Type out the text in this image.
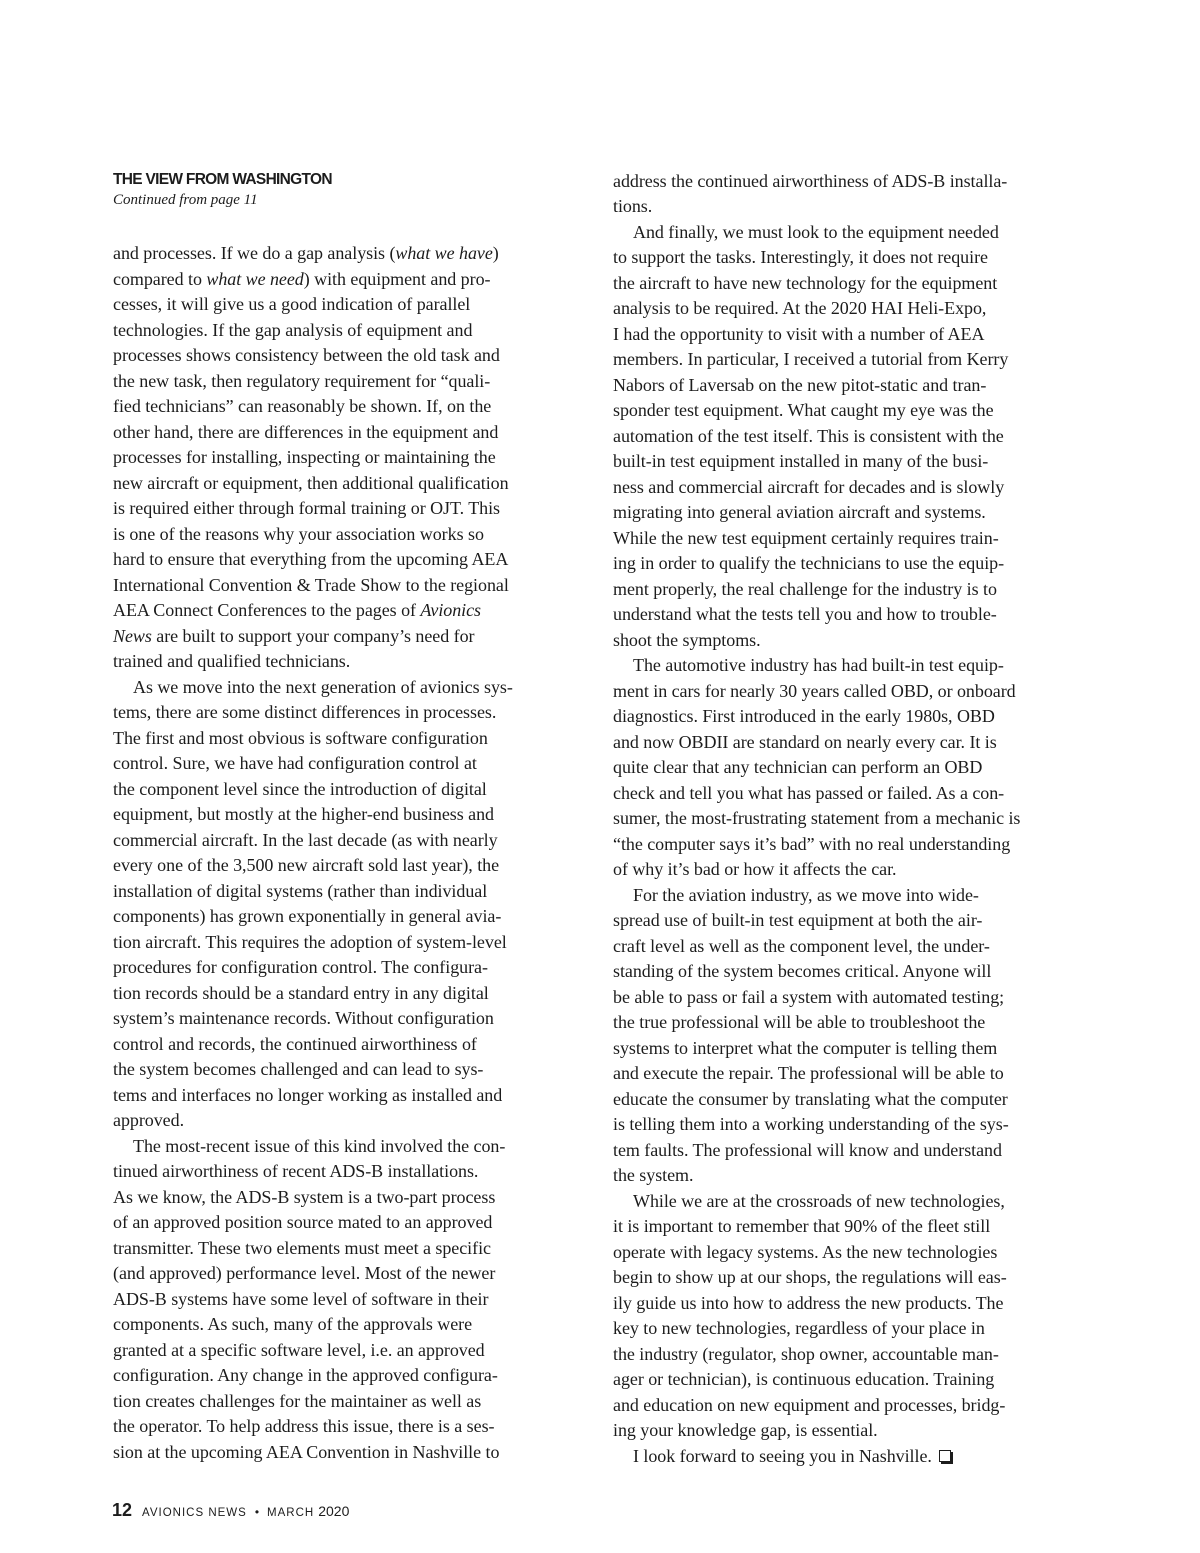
THE VIEW FROM WASHINGTON
Continued from page 11
and processes. If we do a gap analysis (what we have)
compared to what we need) with equipment and pro-
cesses, it will give us a good indication of parallel
technologies. If the gap analysis of equipment and
processes shows consistency between the old task and
the new task, then regulatory requirement for “quali-
fied technicians” can reasonably be shown. If, on the
other hand, there are differences in the equipment and
processes for installing, inspecting or maintaining the
new aircraft or equipment, then additional qualification
is required either through formal training or OJT. This
is one of the reasons why your association works so
hard to ensure that everything from the upcoming AEA
International Convention & Trade Show to the regional
AEA Connect Conferences to the pages of Avionics
News are built to support your company’s need for
trained and qualified technicians.
As we move into the next generation of avionics sys-
tems, there are some distinct differences in processes.
The first and most obvious is software configuration
control. Sure, we have had configuration control at
the component level since the introduction of digital
equipment, but mostly at the higher-end business and
commercial aircraft. In the last decade (as with nearly
every one of the 3,500 new aircraft sold last year), the
installation of digital systems (rather than individual
components) has grown exponentially in general avia-
tion aircraft. This requires the adoption of system-level
procedures for configuration control. The configura-
tion records should be a standard entry in any digital
system’s maintenance records. Without configuration
control and records, the continued airworthiness of
the system becomes challenged and can lead to sys-
tems and interfaces no longer working as installed and
approved.
The most-recent issue of this kind involved the con-
tinued airworthiness of recent ADS-B installations.
As we know, the ADS-B system is a two-part process
of an approved position source mated to an approved
transmitter. These two elements must meet a specific
(and approved) performance level. Most of the newer
ADS-B systems have some level of software in their
components. As such, many of the approvals were
granted at a specific software level, i.e. an approved
configuration. Any change in the approved configura-
tion creates challenges for the maintainer as well as
the operator. To help address this issue, there is a ses-
sion at the upcoming AEA Convention in Nashville to
address the continued airworthiness of ADS-B installa-
tions.
And finally, we must look to the equipment needed
to support the tasks. Interestingly, it does not require
the aircraft to have new technology for the equipment
analysis to be required. At the 2020 HAI Heli-Expo,
I had the opportunity to visit with a number of AEA
members. In particular, I received a tutorial from Kerry
Nabors of Laversab on the new pitot-static and tran-
sponder test equipment. What caught my eye was the
automation of the test itself. This is consistent with the
built-in test equipment installed in many of the busi-
ness and commercial aircraft for decades and is slowly
migrating into general aviation aircraft and systems.
While the new test equipment certainly requires train-
ing in order to qualify the technicians to use the equip-
ment properly, the real challenge for the industry is to
understand what the tests tell you and how to trouble-
shoot the symptoms.
The automotive industry has had built-in test equip-
ment in cars for nearly 30 years called OBD, or onboard
diagnostics. First introduced in the early 1980s, OBD
and now OBDII are standard on nearly every car. It is
quite clear that any technician can perform an OBD
check and tell you what has passed or failed. As a con-
sumer, the most-frustrating statement from a mechanic is
“the computer says it’s bad” with no real understanding
of why it’s bad or how it affects the car.
For the aviation industry, as we move into wide-
spread use of built-in test equipment at both the air-
craft level as well as the component level, the under-
standing of the system becomes critical. Anyone will
be able to pass or fail a system with automated testing;
the true professional will be able to troubleshoot the
systems to interpret what the computer is telling them
and execute the repair. The professional will be able to
educate the consumer by translating what the computer
is telling them into a working understanding of the sys-
tem faults. The professional will know and understand
the system.
While we are at the crossroads of new technologies,
it is important to remember that 90% of the fleet still
operate with legacy systems. As the new technologies
begin to show up at our shops, the regulations will eas-
ily guide us into how to address the new products. The
key to new technologies, regardless of your place in
the industry (regulator, shop owner, accountable man-
ager or technician), is continuous education. Training
and education on new equipment and processes, bridg-
ing your knowledge gap, is essential.
I look forward to seeing you in Nashville.
12 AVIONICS NEWS • MARCH 2020
